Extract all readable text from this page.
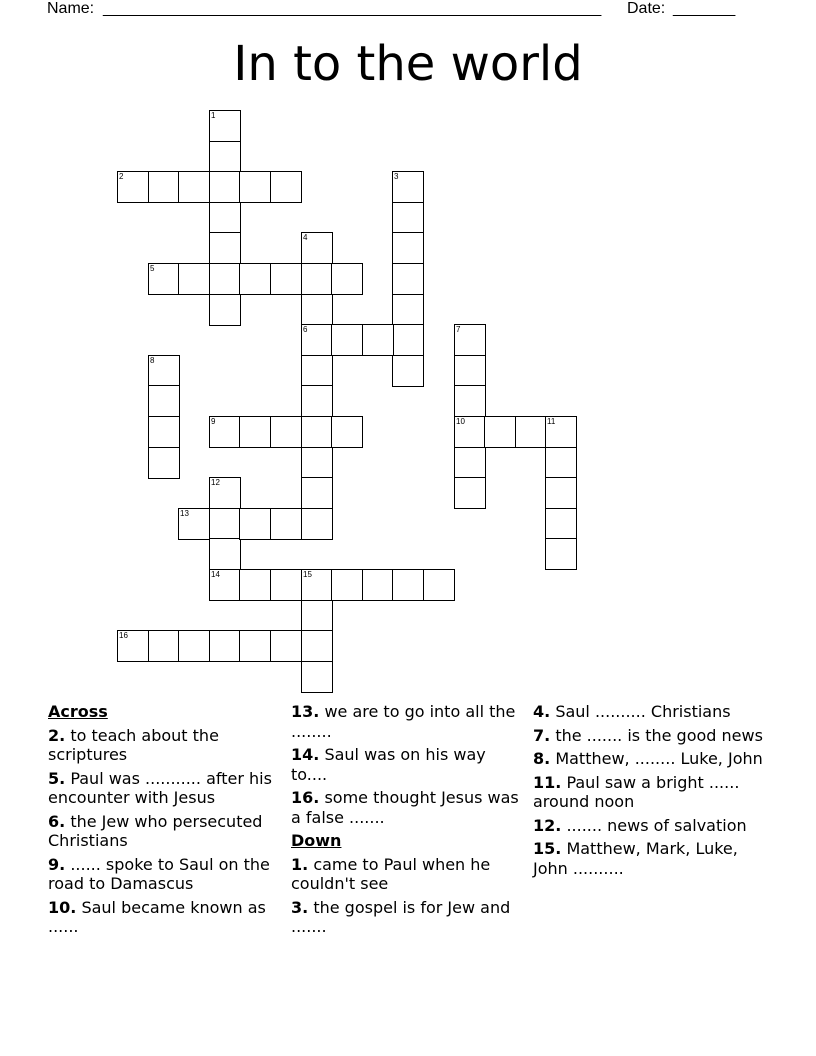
Name: ________________________________________________________ Date: _______
In to the world
1
2	3
4
6
5
7
10
8
9	11
12
14
13
15
16
Across
2. to teach about the scriptures
5. Paul was ........... after his encounter with Jesus
6. the Jew who persecuted Christians
9. ...... spoke to Saul on the road to Damascus
10. Saul became known as ......
13. we are to go into all the ........
14. Saul was on his way to....
16. some thought Jesus was a false .......
Down
1. came to Paul when he couldn't see
3. the gospel is for Jew and .......
4. Saul .......... Christians
7. the ....... is the good news
8. Matthew, ........ Luke, John
11. Paul saw a bright ...... around noon
12. ....... news of salvation
15. Matthew, Mark, Luke, John ..........
